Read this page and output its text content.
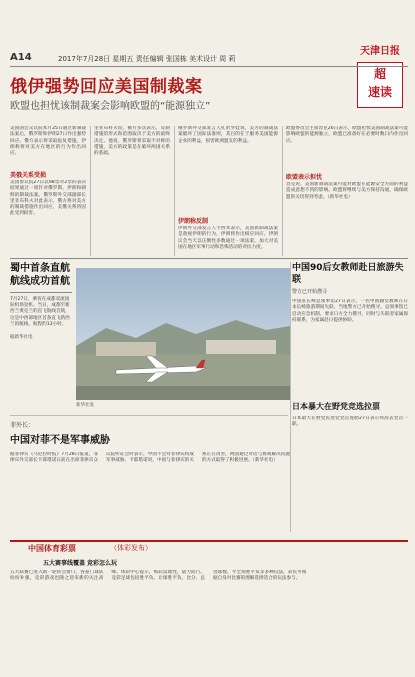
A14	2017年7月28日 星期五 责任编辑 张国栋 美术设计 周 莉
天津日报
超
速读
俄伊强势回应美国制裁案
欧盟也担忧该制裁案会影响欧盟的“能源独立”
美国国会众议院本月25日通过新制裁法案后，俄罗斯和伊朗27日作出强势回应。俄方表示将采取报复措施，伊朗称将对美方在地区的行为作出回应。
美俄关系受损
美国参议院27日以98票对2票的表决结果通过一项针对俄罗斯、伊朗和朝鲜的制裁法案。俄罗斯外交部副部长里亚布科夫对此表示，俄方将对美方的制裁措施作出回应，美俄关系将因此受到损害。
里亚布科夫说，俄方多次表示，反制措施的形式和范围取决于美方的最终决定。他说，俄罗斯将采取不对称的措施，美方的政策是在破坏两国关系的基础。
俄罗斯外交部发言人扎哈罗娃说，美方的制裁法案破坏了国际法准则，其目的在于服务美国能源企业的利益，损害欧洲盟友的利益。
伊朗称反制
伊朗外交部发言人卡西米表示，美国新制裁法案是敌视伊朗的行为，伊朗将作出相应回应。伊朗议会当天以压倒性多数通过一项法案，加大对美国在地区军事行动和恐怖活动的对抗力度。
欧盟委员会主席容克26日表示，欧盟担忧美国制裁法案可能影响欧盟的能源独立，欧盟已准备好在必要时数日内作出回应。
欧盟表示担忧
容克说，美国新制裁法案可能对欧盟在能源安全方面的利益造成意想不到的影响。欧盟将继续与美方保持沟通，确保欧盟的关切得到考虑。（新华社电）
蜀中首条直航航线成功首航
7月27日，乘客在成都双流国际机场登机。当日，成都至新西兰奥克兰的直飞航线首航，这是中西部地区首条直飞新西兰的航线，航程约13小时。
据新华社电
新华社发
中国90后女教师赴日旅游失联
警方已开始搜寻
中国驻长崎总领事馆27日表示，一名中国籍女教师在日本长崎旅游期间失联，当地警方已开始搜寻。总领事馆已启动应急机制，要求日方全力搜寻，同时与失联者家属保持联系，为家属赴日提供协助。
日本暴大在野党竞选拉票
日本最大在野党民进党党首莲舫27日表示将辞去党首一职。
菲外长：
中国对菲不是军事威胁
据菲律宾《马尼拉时报》7月28日报道，菲律宾外交部长卡耶塔诺日前在出席菲律宾众议院听证会时表示，中国不会对菲律宾构成军事威胁。卡耶塔诺说，中国与菲律宾的关系正在改善，两国通过对话与协商解决问题的方式取得了积极进展。（新华社电）
中国体育彩票	（体彩发布）
五大赛事线覆盖 竞彩怎么玩
五大联赛已进入新一轮转会窗口，各豪门球队纷纷补强，竞彩游戏也随之迎来新的关注高峰。体彩中心提示，购彩需理性，量力而行。竞彩足球包括胜平负、让球胜平负、比分、总进球数、半全场胜平负等多种玩法，彩民可根据自身对比赛的理解选择适合的玩法参与。
